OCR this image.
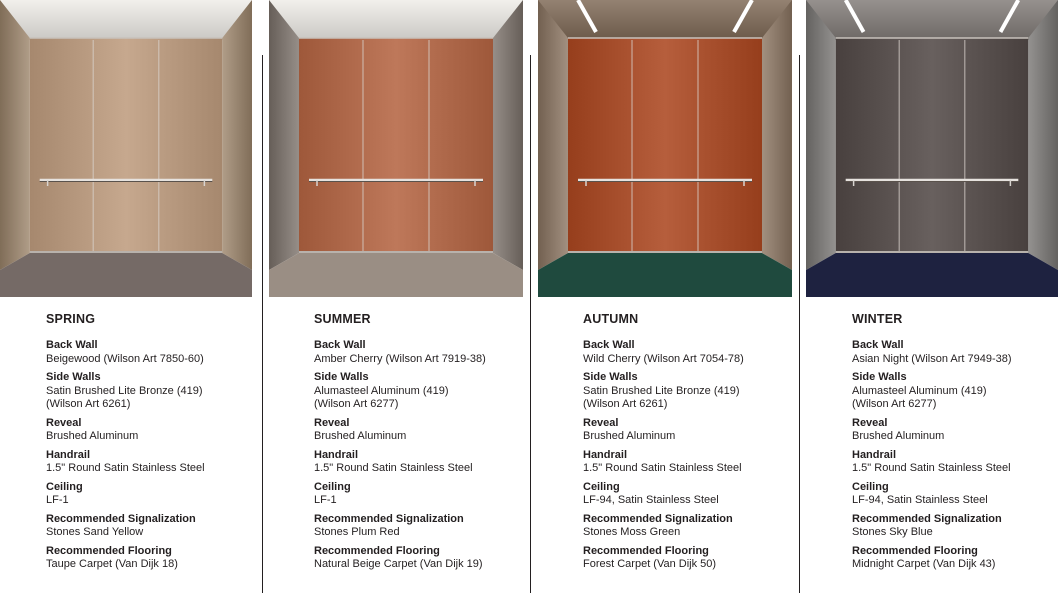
SPRING
Back Wall
Beigewood (Wilson Art 7850-60)
Side Walls
Satin Brushed Lite Bronze (419)
(Wilson Art 6261)
Reveal
Brushed Aluminum
Handrail
1.5" Round Satin Stainless Steel
Ceiling
LF-1
Recommended Signalization
Stones Sand Yellow
Recommended Flooring
Taupe Carpet (Van Dijk 18)
SUMMER
Back Wall
Amber Cherry (Wilson Art 7919-38)
Side Walls
Alumasteel Aluminum (419)
(Wilson Art 6277)
Reveal
Brushed Aluminum
Handrail
1.5" Round Satin Stainless Steel
Ceiling
LF-1
Recommended Signalization
Stones Plum Red
Recommended Flooring
Natural Beige Carpet (Van Dijk 19)
AUTUMN
Back Wall
Wild Cherry (Wilson Art 7054-78)
Side Walls
Satin Brushed Lite Bronze (419)
(Wilson Art 6261)
Reveal
Brushed Aluminum
Handrail
1.5" Round Satin Stainless Steel
Ceiling
LF-94, Satin Stainless Steel
Recommended Signalization
Stones Moss Green
Recommended Flooring
Forest Carpet (Van Dijk 50)
WINTER
Back Wall
Asian Night (Wilson Art 7949-38)
Side Walls
Alumasteel Aluminum (419)
(Wilson Art 6277)
Reveal
Brushed Aluminum
Handrail
1.5" Round Satin Stainless Steel
Ceiling
LF-94, Satin Stainless Steel
Recommended Signalization
Stones Sky Blue
Recommended Flooring
Midnight Carpet (Van Dijk 43)
